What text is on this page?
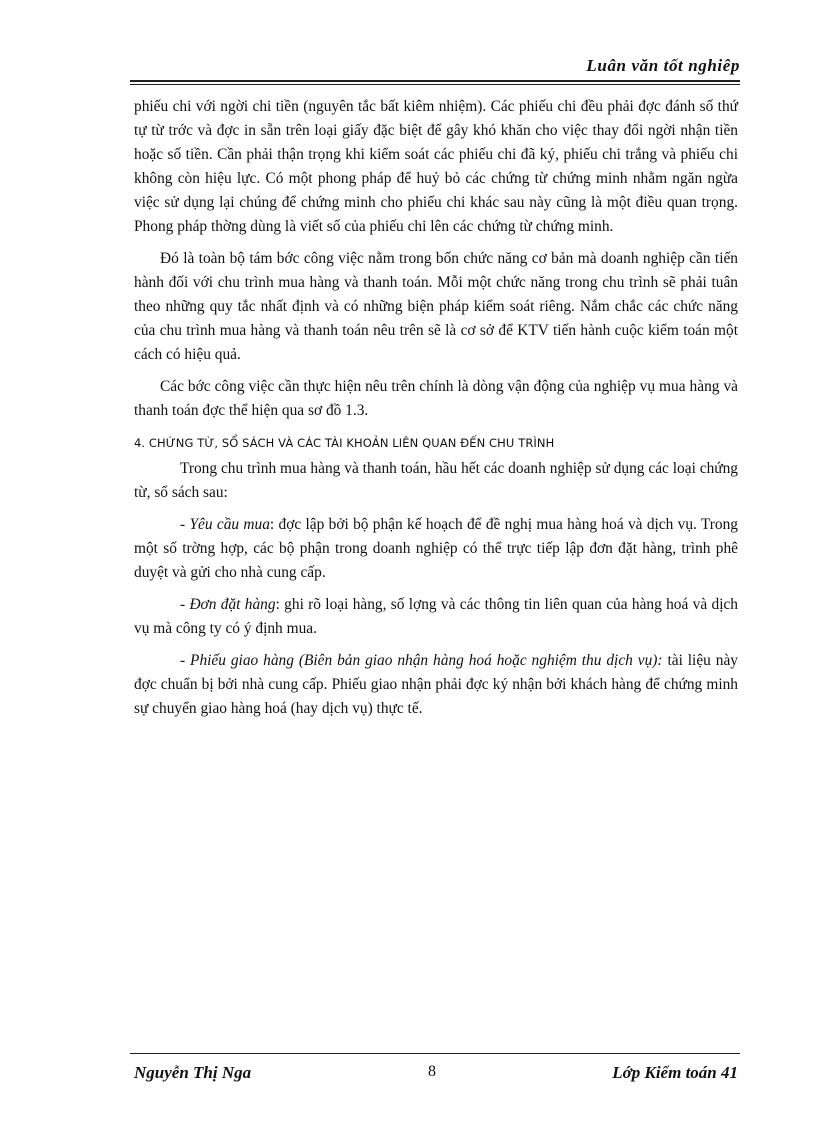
Luân văn tốt nghiêp

phiếu chi với ngời chi tiền (nguyên tắc bất kiêm nhiệm). Các phiếu chi đều phải đợc đánh số thứ tự từ trớc và đợc in sẵn trên loại giấy đặc biệt để gây khó khăn cho việc thay đổi ngời nhận tiền hoặc số tiền. Cần phải thận trọng khi kiểm soát các phiếu chi đã ký, phiếu chi trắng và phiếu chi không còn hiệu lực. Có một phong pháp để huỷ bỏ các chứng từ chứng minh nhằm ngăn ngừa việc sử dụng lại chúng để chứng minh cho phiếu chi khác sau này cũng là một điều quan trọng. Phong pháp thờng dùng là viết số của phiếu chi lên các chứng từ chứng minh.

Đó là toàn bộ tám bớc công việc nằm trong bốn chức năng cơ bản mà doanh nghiệp cần tiến hành đối với chu trình mua hàng và thanh toán. Mỗi một chức năng trong chu trình sẽ phải tuân theo những quy tắc nhất định và có những biện pháp kiểm soát riêng. Nắm chắc các chức năng của chu trình mua hàng và thanh toán nêu trên sẽ là cơ sở để KTV tiến hành cuộc kiểm toán một cách có hiệu quả.

Các bớc công việc cần thực hiện nêu trên chính là dòng vận động của nghiệp vụ mua hàng và thanh toán đợc thể hiện qua sơ đồ 1.3.

4. CHỨNG TỪ, SỔ SÁCH VÀ CÁC TÀI KHOẢN LIÊN QUAN ĐẾN CHU TRÌNH

Trong chu trình mua hàng và thanh toán, hầu hết các doanh nghiệp sử dụng các loại chứng từ, sổ sách sau:

- Yêu cầu mua: đợc lập bởi bộ phận kế hoạch để đề nghị mua hàng hoá và dịch vụ. Trong một số trờng hợp, các bộ phận trong doanh nghiệp có thể trực tiếp lập đơn đặt hàng, trình phê duyệt và gửi cho nhà cung cấp.

- Đơn đặt hàng: ghi rõ loại hàng, số lợng và các thông tin liên quan của hàng hoá và dịch vụ mà công ty có ý định mua.

- Phiếu giao hàng (Biên bản giao nhận hàng hoá hoặc nghiệm thu dịch vụ): tài liệu này đợc chuẩn bị bởi nhà cung cấp. Phiếu giao nhận phải đợc ký nhận bởi khách hàng để chứng minh sự chuyển giao hàng hoá (hay dịch vụ) thực tế.

Nguyễn Thị Nga	8	Lớp Kiểm toán 41
